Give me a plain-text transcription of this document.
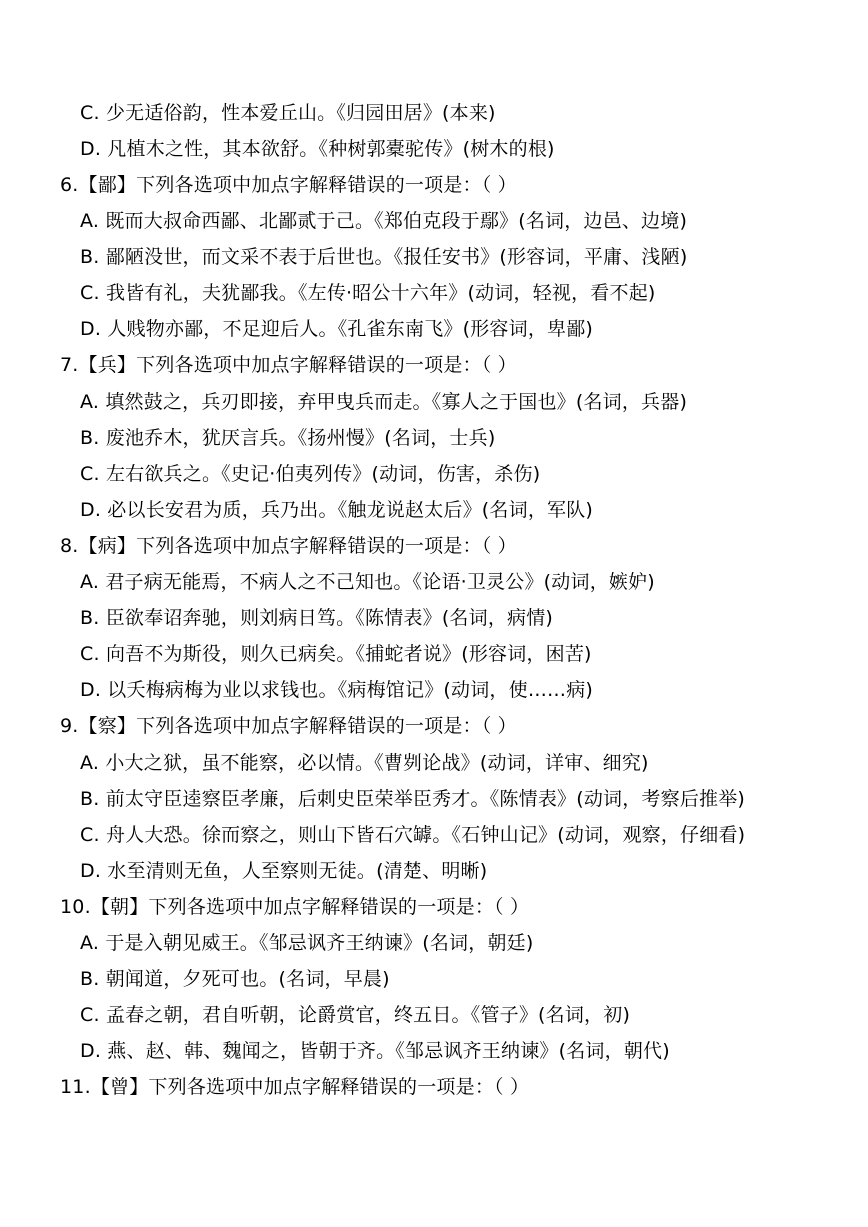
C. 少无适俗韵，性本爱丘山。《归园田居》(本来)
D. 凡植木之性，其本欲舒。《种树郭橐驼传》(树木的根)
6.【鄙】下列各选项中加点字解释错误的一项是：（ ）
A. 既而大叔命西鄙、北鄙贰于己。《郑伯克段于鄢》(名词，边邑、边境)
B. 鄙陋没世，而文采不表于后世也。《报任安书》(形容词，平庸、浅陋)
C. 我皆有礼，夫犹鄙我。《左传·昭公十六年》(动词，轻视，看不起)
D. 人贱物亦鄙，不足迎后人。《孔雀东南飞》(形容词，卑鄙)
7.【兵】下列各选项中加点字解释错误的一项是：（ ）
A. 填然鼓之，兵刃即接，弃甲曳兵而走。《寡人之于国也》(名词，兵器)
B. 废池乔木，犹厌言兵。《扬州慢》(名词，士兵)
C. 左右欲兵之。《史记·伯夷列传》(动词，伤害，杀伤)
D. 必以长安君为质，兵乃出。《触龙说赵太后》(名词，军队)
8.【病】下列各选项中加点字解释错误的一项是：（ ）
A. 君子病无能焉，不病人之不己知也。《论语·卫灵公》(动词，嫉妒)
B. 臣欲奉诏奔驰，则刘病日笃。《陈情表》(名词，病情)
C. 向吾不为斯役，则久已病矣。《捕蛇者说》(形容词，困苦)
D. 以夭梅病梅为业以求钱也。《病梅馆记》(动词，使……病)
9.【察】下列各选项中加点字解释错误的一项是：（ ）
A. 小大之狱，虽不能察，必以情。《曹刿论战》(动词，详审、细究)
B. 前太守臣逵察臣孝廉，后刺史臣荣举臣秀才。《陈情表》(动词，考察后推举)
C. 舟人大恐。徐而察之，则山下皆石穴罅。《石钟山记》(动词，观察，仔细看)
D. 水至清则无鱼，人至察则无徒。(清楚、明晰)
10.【朝】下列各选项中加点字解释错误的一项是：（ ）
A. 于是入朝见威王。《邹忌讽齐王纳谏》(名词，朝廷)
B. 朝闻道，夕死可也。(名词，早晨)
C. 孟春之朝，君自听朝，论爵赏官，终五日。《管子》(名词，初)
D. 燕、赵、韩、魏闻之，皆朝于齐。《邹忌讽齐王纳谏》(名词，朝代)
11.【曾】下列各选项中加点字解释错误的一项是：（ ）
